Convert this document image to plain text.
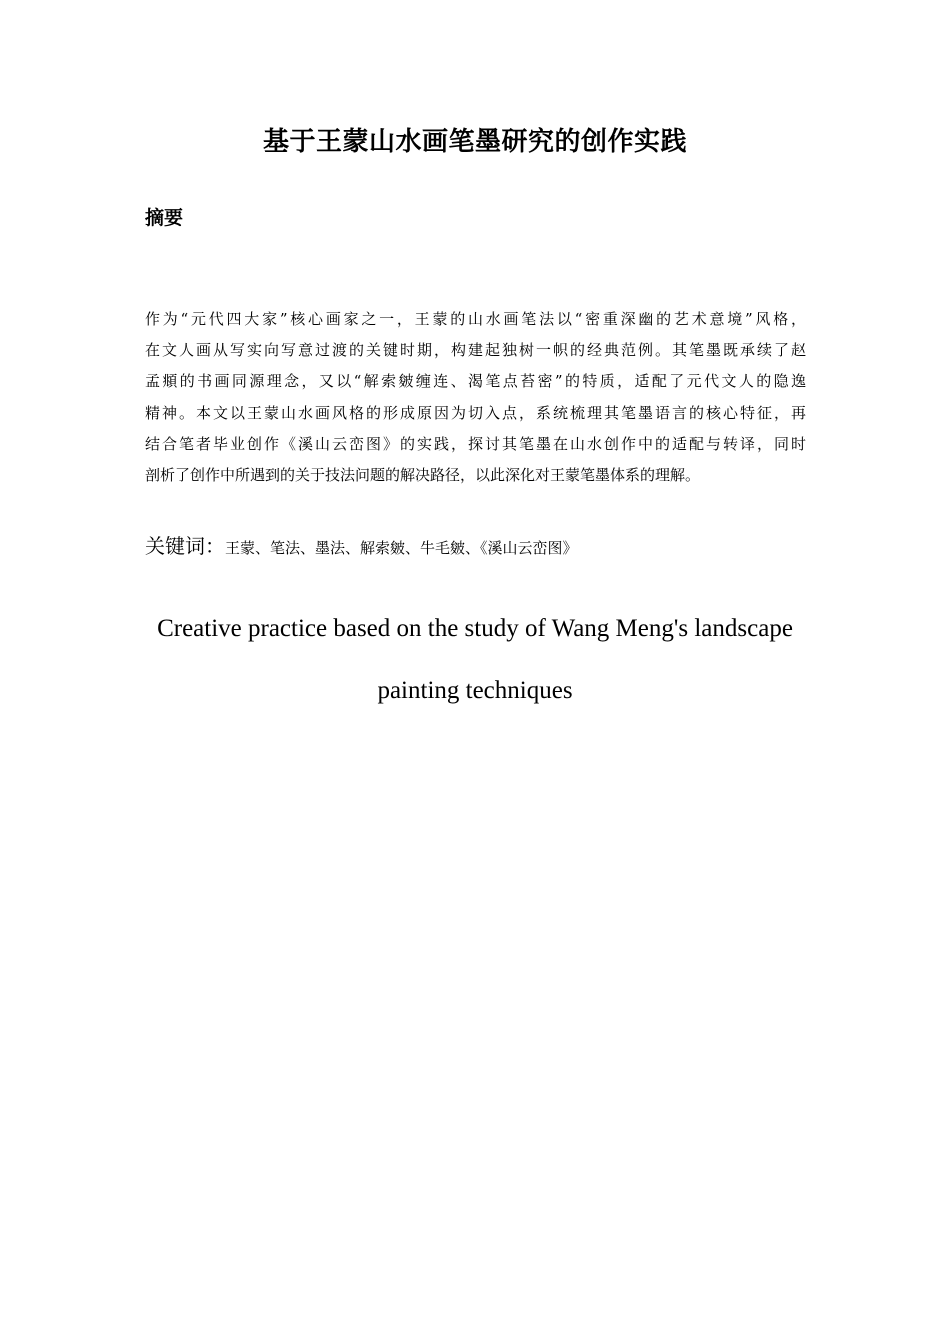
基于王蒙山水画笔墨研究的创作实践
摘要
作为“元代四大家”核心画家之一，王蒙的山水画笔法以“密重深幽的艺术意境”风格，
在文人画从写实向写意过渡的关键时期，构建起独树一帜的经典范例。其笔墨既承续了赵
孟頫的书画同源理念，又以“解索皴缠连、渴笔点苔密”的特质，适配了元代文人的隐逸
精神。本文以王蒙山水画风格的形成原因为切入点，系统梳理其笔墨语言的核心特征，再
结合笔者毕业创作《溪山云峦图》的实践，探讨其笔墨在山水创作中的适配与转译，同时
剖析了创作中所遇到的关于技法问题的解决路径，以此深化对王蒙笔墨体系的理解。
关键词：王蒙、笔法、墨法、解索皴、牛毛皴、《溪山云峦图》
Creative practice based on the study of Wang Meng's landscape
painting techniques
